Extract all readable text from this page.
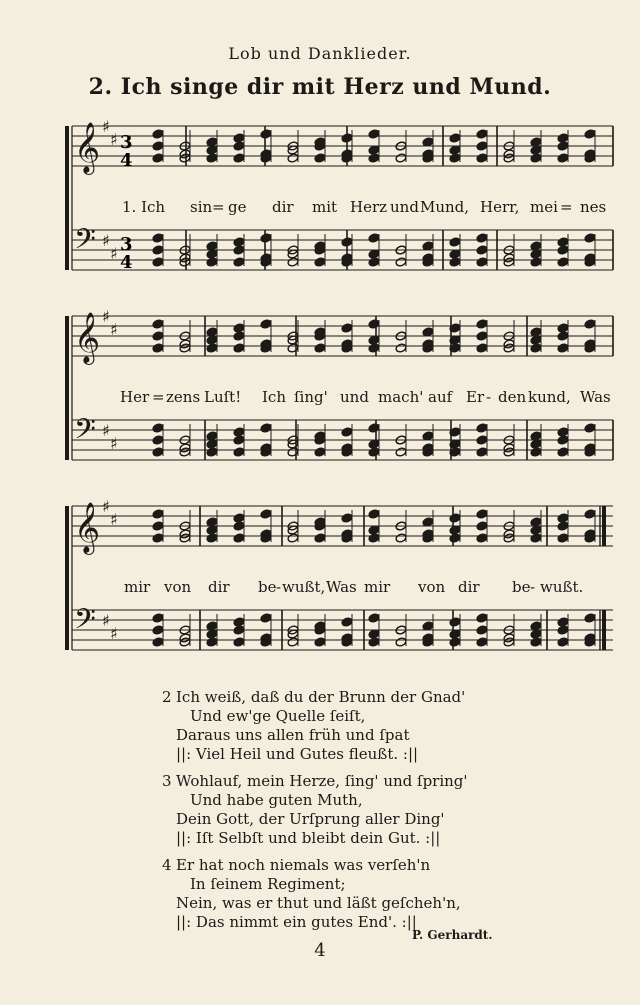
Lob und Danklieder.
2. Ich singe dir mit Herz und Mund.
♯
♯
𝄞
♯
♯
𝄢
♯
♯
𝄞
♯
♯
𝄢
♯
♯
𝄞
♯
♯
𝄢
3
4
3
4
1. Ich sin = ge dir mit Herz und Mund, Herr, mei = nes
Her = zens Luſt! Ich ſing' und mach' auf Er - den kund, Was
mir von dir be - wußt, Was mir von dir be - wußt.
2 Ich weiß, daß du der Brunn der Gnad'
Und ew'ge Quelle ſeiſt,
Daraus uns allen früh und ſpat
||: Viel Heil und Gutes fleußt. :||
3 Wohlauf, mein Herze, ſing' und ſpring'
Und habe guten Muth,
Dein Gott, der Urſprung aller Ding'
||: Iſt Selbſt und bleibt dein Gut. :||
4 Er hat noch niemals was verſeh'n
In ſeinem Regiment;
Nein, was er thut und läßt geſcheh'n,
||: Das nimmt ein gutes End'. :||
P. Gerhardt.
4
